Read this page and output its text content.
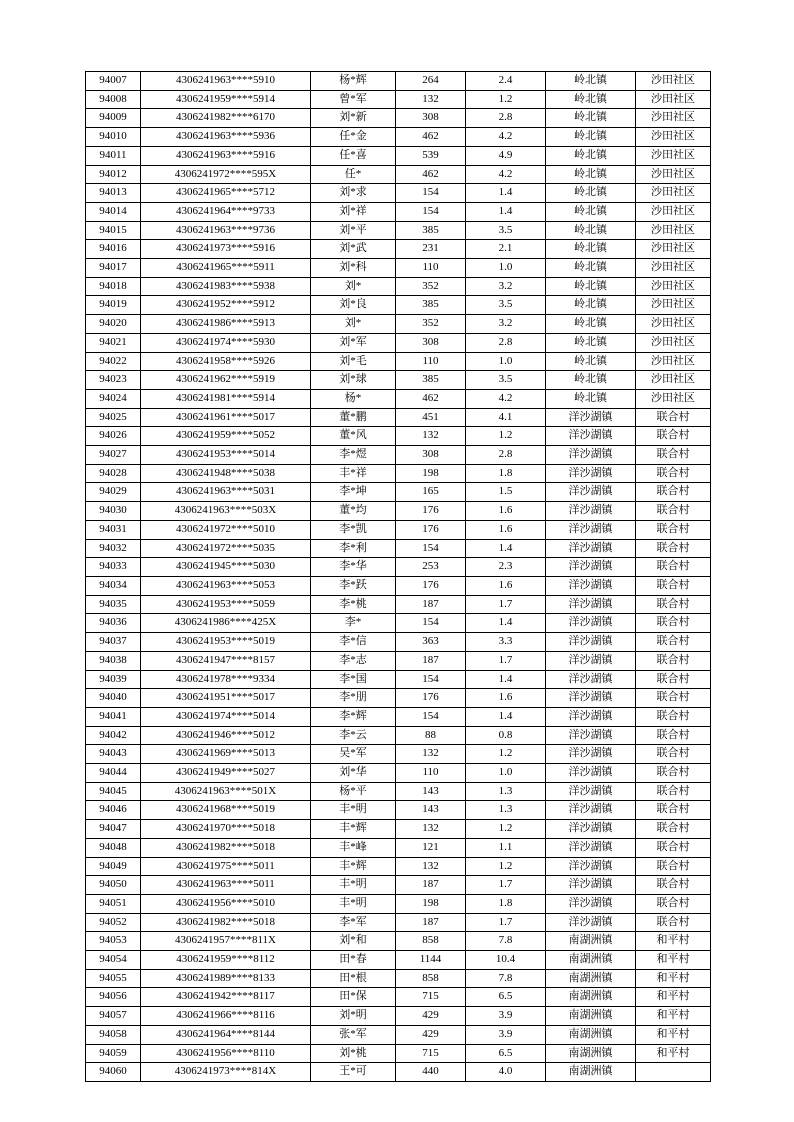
94007	4306241963****5910	杨*辉	264	2.4	岭北镇	沙田社区
94008	4306241959****5914	曾*军	132	1.2	岭北镇	沙田社区
94009	4306241982****6170	刘*新	308	2.8	岭北镇	沙田社区
94010	4306241963****5936	任*金	462	4.2	岭北镇	沙田社区
94011	4306241963****5916	任*喜	539	4.9	岭北镇	沙田社区
94012	4306241972****595X	任*	462	4.2	岭北镇	沙田社区
94013	4306241965****5712	刘*求	154	1.4	岭北镇	沙田社区
94014	4306241964****9733	刘*祥	154	1.4	岭北镇	沙田社区
94015	4306241963****9736	刘*平	385	3.5	岭北镇	沙田社区
94016	4306241973****5916	刘*武	231	2.1	岭北镇	沙田社区
94017	4306241965****5911	刘*科	110	1.0	岭北镇	沙田社区
94018	4306241983****5938	刘*	352	3.2	岭北镇	沙田社区
94019	4306241952****5912	刘*良	385	3.5	岭北镇	沙田社区
94020	4306241986****5913	刘*	352	3.2	岭北镇	沙田社区
94021	4306241974****5930	刘*军	308	2.8	岭北镇	沙田社区
94022	4306241958****5926	刘*毛	110	1.0	岭北镇	沙田社区
94023	4306241962****5919	刘*球	385	3.5	岭北镇	沙田社区
94024	4306241981****5914	杨*	462	4.2	岭北镇	沙田社区
94025	4306241961****5017	董*鹏	451	4.1	洋沙湖镇	联合村
94026	4306241959****5052	董*风	132	1.2	洋沙湖镇	联合村
94027	4306241953****5014	李*煜	308	2.8	洋沙湖镇	联合村
94028	4306241948****5038	丰*祥	198	1.8	洋沙湖镇	联合村
94029	4306241963****5031	李*坤	165	1.5	洋沙湖镇	联合村
94030	4306241963****503X	董*均	176	1.6	洋沙湖镇	联合村
94031	4306241972****5010	李*凯	176	1.6	洋沙湖镇	联合村
94032	4306241972****5035	李*利	154	1.4	洋沙湖镇	联合村
94033	4306241945****5030	李*华	253	2.3	洋沙湖镇	联合村
94034	4306241963****5053	李*跃	176	1.6	洋沙湖镇	联合村
94035	4306241953****5059	李*桃	187	1.7	洋沙湖镇	联合村
94036	4306241986****425X	李*	154	1.4	洋沙湖镇	联合村
94037	4306241953****5019	李*信	363	3.3	洋沙湖镇	联合村
94038	4306241947****8157	李*志	187	1.7	洋沙湖镇	联合村
94039	4306241978****9334	李*国	154	1.4	洋沙湖镇	联合村
94040	4306241951****5017	李*朋	176	1.6	洋沙湖镇	联合村
94041	4306241974****5014	李*辉	154	1.4	洋沙湖镇	联合村
94042	4306241946****5012	李*云	88	0.8	洋沙湖镇	联合村
94043	4306241969****5013	吴*军	132	1.2	洋沙湖镇	联合村
94044	4306241949****5027	刘*华	110	1.0	洋沙湖镇	联合村
94045	4306241963****501X	杨*平	143	1.3	洋沙湖镇	联合村
94046	4306241968****5019	丰*明	143	1.3	洋沙湖镇	联合村
94047	4306241970****5018	丰*辉	132	1.2	洋沙湖镇	联合村
94048	4306241982****5018	丰*峰	121	1.1	洋沙湖镇	联合村
94049	4306241975****5011	丰*辉	132	1.2	洋沙湖镇	联合村
94050	4306241963****5011	丰*明	187	1.7	洋沙湖镇	联合村
94051	4306241956****5010	丰*明	198	1.8	洋沙湖镇	联合村
94052	4306241982****5018	李*军	187	1.7	洋沙湖镇	联合村
94053	4306241957****811X	刘*和	858	7.8	南湖洲镇	和平村
94054	4306241959****8112	田*春	1144	10.4	南湖洲镇	和平村
94055	4306241989****8133	田*根	858	7.8	南湖洲镇	和平村
94056	4306241942****8117	田*保	715	6.5	南湖洲镇	和平村
94057	4306241966****8116	刘*明	429	3.9	南湖洲镇	和平村
94058	4306241964****8144	张*军	429	3.9	南湖洲镇	和平村
94059	4306241956****8110	刘*桃	715	6.5	南湖洲镇	和平村
94060	4306241973****814X	王*可	440	4.0	南湖洲镇	
